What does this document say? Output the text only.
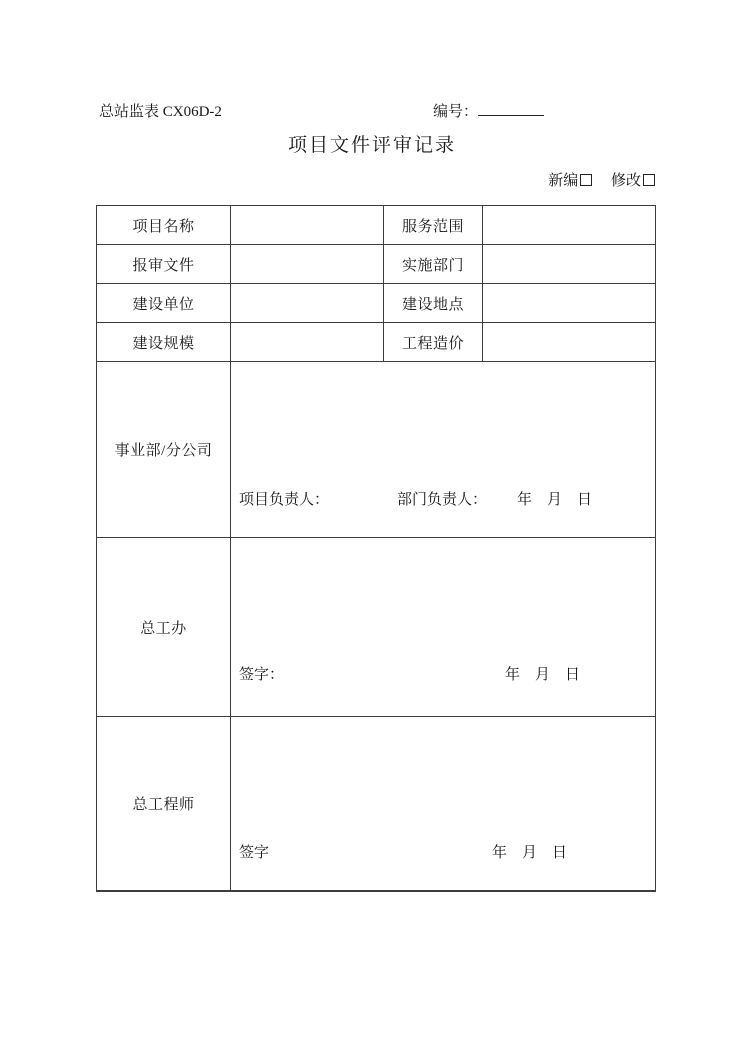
总站监表 CX06D-2	编号：
项目文件评审记录
新编 修改
项目名称		服务范围	
报审文件		实施部门	
建设单位		建设地点	
建设规模		工程造价	
事业部/分公司	项目负责人： 部门负责人： 年　月　日		

总工办	签字： 年　月　日		

总工程师	签字 年　月　日		
